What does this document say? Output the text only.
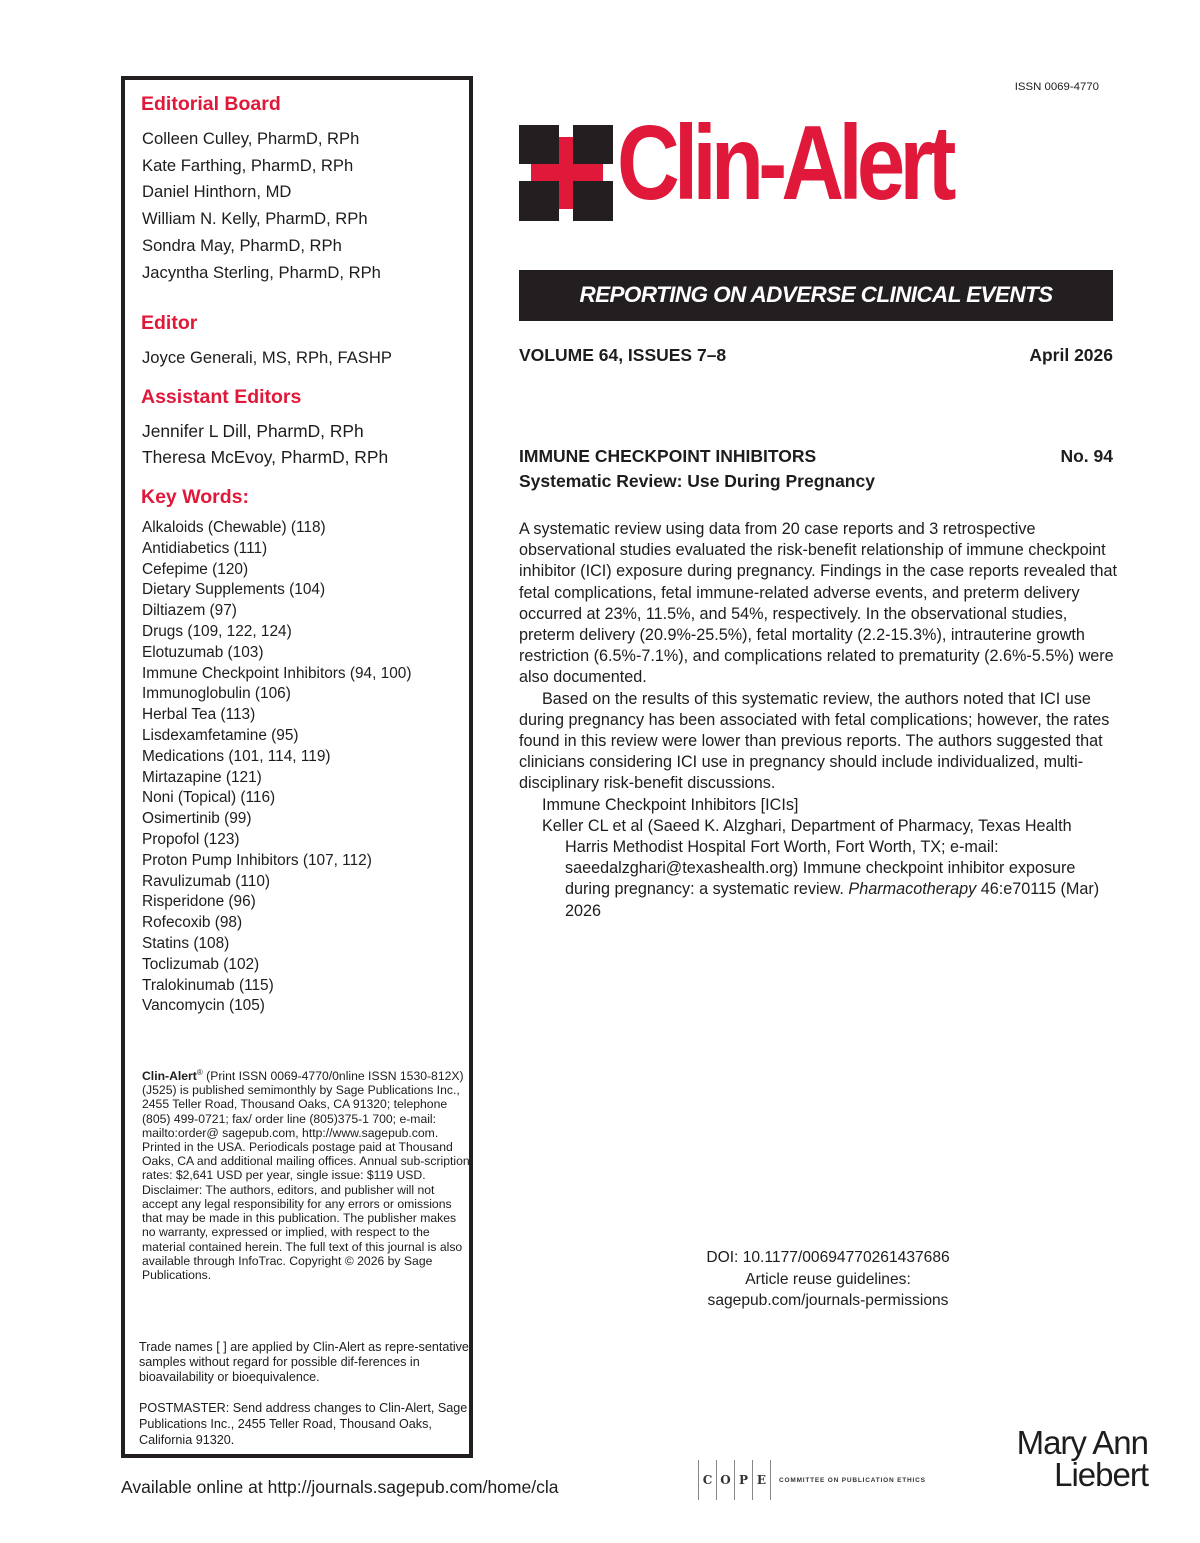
Editorial Board
Colleen Culley, PharmD, RPh
Kate Farthing, PharmD, RPh
Daniel Hinthorn, MD
William N. Kelly, PharmD, RPh
Sondra May, PharmD, RPh
Jacyntha Sterling, PharmD, RPh
Editor
Joyce Generali, MS, RPh, FASHP
Assistant Editors
Jennifer L Dill, PharmD, RPh
Theresa McEvoy, PharmD, RPh
Key Words:
Alkaloids (Chewable) (118)
Antidiabetics (111)
Cefepime (120)
Dietary Supplements (104)
Diltiazem (97)
Drugs (109, 122, 124)
Elotuzumab (103)
Immune Checkpoint Inhibitors (94, 100)
Immunoglobulin (106)
Herbal Tea (113)
Lisdexamfetamine (95)
Medications (101, 114, 119)
Mirtazapine (121)
Noni (Topical) (116)
Osimertinib (99)
Propofol (123)
Proton Pump Inhibitors (107, 112)
Ravulizumab (110)
Risperidone (96)
Rofecoxib (98)
Statins (108)
Toclizumab (102)
Tralokinumab (115)
Vancomycin (105)
Clin-Alert® (Print ISSN 0069-4770/0nline ISSN 1530-812X)(J525) is published semimonthly by Sage Publications Inc., 2455 Teller Road, Thousand Oaks, CA 91320; telephone (805) 499-0721; fax/ order line (805)375-1 700; e-mail: mailto:order@ sagepub.com, http://www.sagepub.com. Printed in the USA. Periodicals postage paid at Thousand Oaks, CA and additional mailing offices. Annual sub-scription rates: $2,641 USD per year, single issue: $119 USD. Disclaimer: The authors, editors, and publisher will not accept any legal responsibility for any errors or omissions that may be made in this publication. The publisher makes no warranty, expressed or implied, with respect to the material contained herein. The full text of this journal is also available through InfoTrac. Copyright © 2026 by Sage Publications.
Trade names [ ] are applied by Clin-Alert as repre-sentative samples without regard for possible dif-ferences in bioavailability or bioequivalence.
POSTMASTER: Send address changes to Clin-Alert, Sage Publications Inc., 2455 Teller Road, Thousand Oaks, California 91320.
ISSN 0069-4770
Clin-Alert
REPORTING ON ADVERSE CLINICAL EVENTS
VOLUME 64, ISSUES 7–8	April 2026
IMMUNE CHECKPOINT INHIBITORS	No. 94
Systematic Review: Use During Pregnancy

A systematic review using data from 20 case reports and 3 retrospective observational studies evaluated the risk-benefit relationship of immune checkpoint inhibitor (ICI) exposure during pregnancy. Findings in the case reports revealed that fetal complications, fetal immune-related adverse events, and preterm delivery occurred at 23%, 11.5%, and 54%, respectively. In the observational studies, preterm delivery (20.9%-25.5%), fetal mortality (2.2-15.3%), intrauterine growth restriction (6.5%-7.1%), and complications related to prematurity (2.6%-5.5%) were also documented.

Based on the results of this systematic review, the authors noted that ICI use during pregnancy has been associated with fetal complications; however, the rates found in this review were lower than previous reports. The authors suggested that clinicians considering ICI use in pregnancy should include individualized, multi-disciplinary risk-benefit discussions.

Immune Checkpoint Inhibitors [ICIs]

Keller CL et al (Saeed K. Alzghari, Department of Pharmacy, Texas Health Harris Methodist Hospital Fort Worth, Fort Worth, TX; e-mail: saeedalzghari@texashealth.org) Immune checkpoint inhibitor exposure during pregnancy: a systematic review. Pharmacotherapy 46:e70115 (Mar) 2026

DOI: 10.1177/00694770261437686
Article reuse guidelines:
sagepub.com/journals-permissions
Available online at http://journals.sagepub.com/home/cla	C O P E	COMMITTEE ON PUBLICATION ETHICS
Mary Ann
Liebert
